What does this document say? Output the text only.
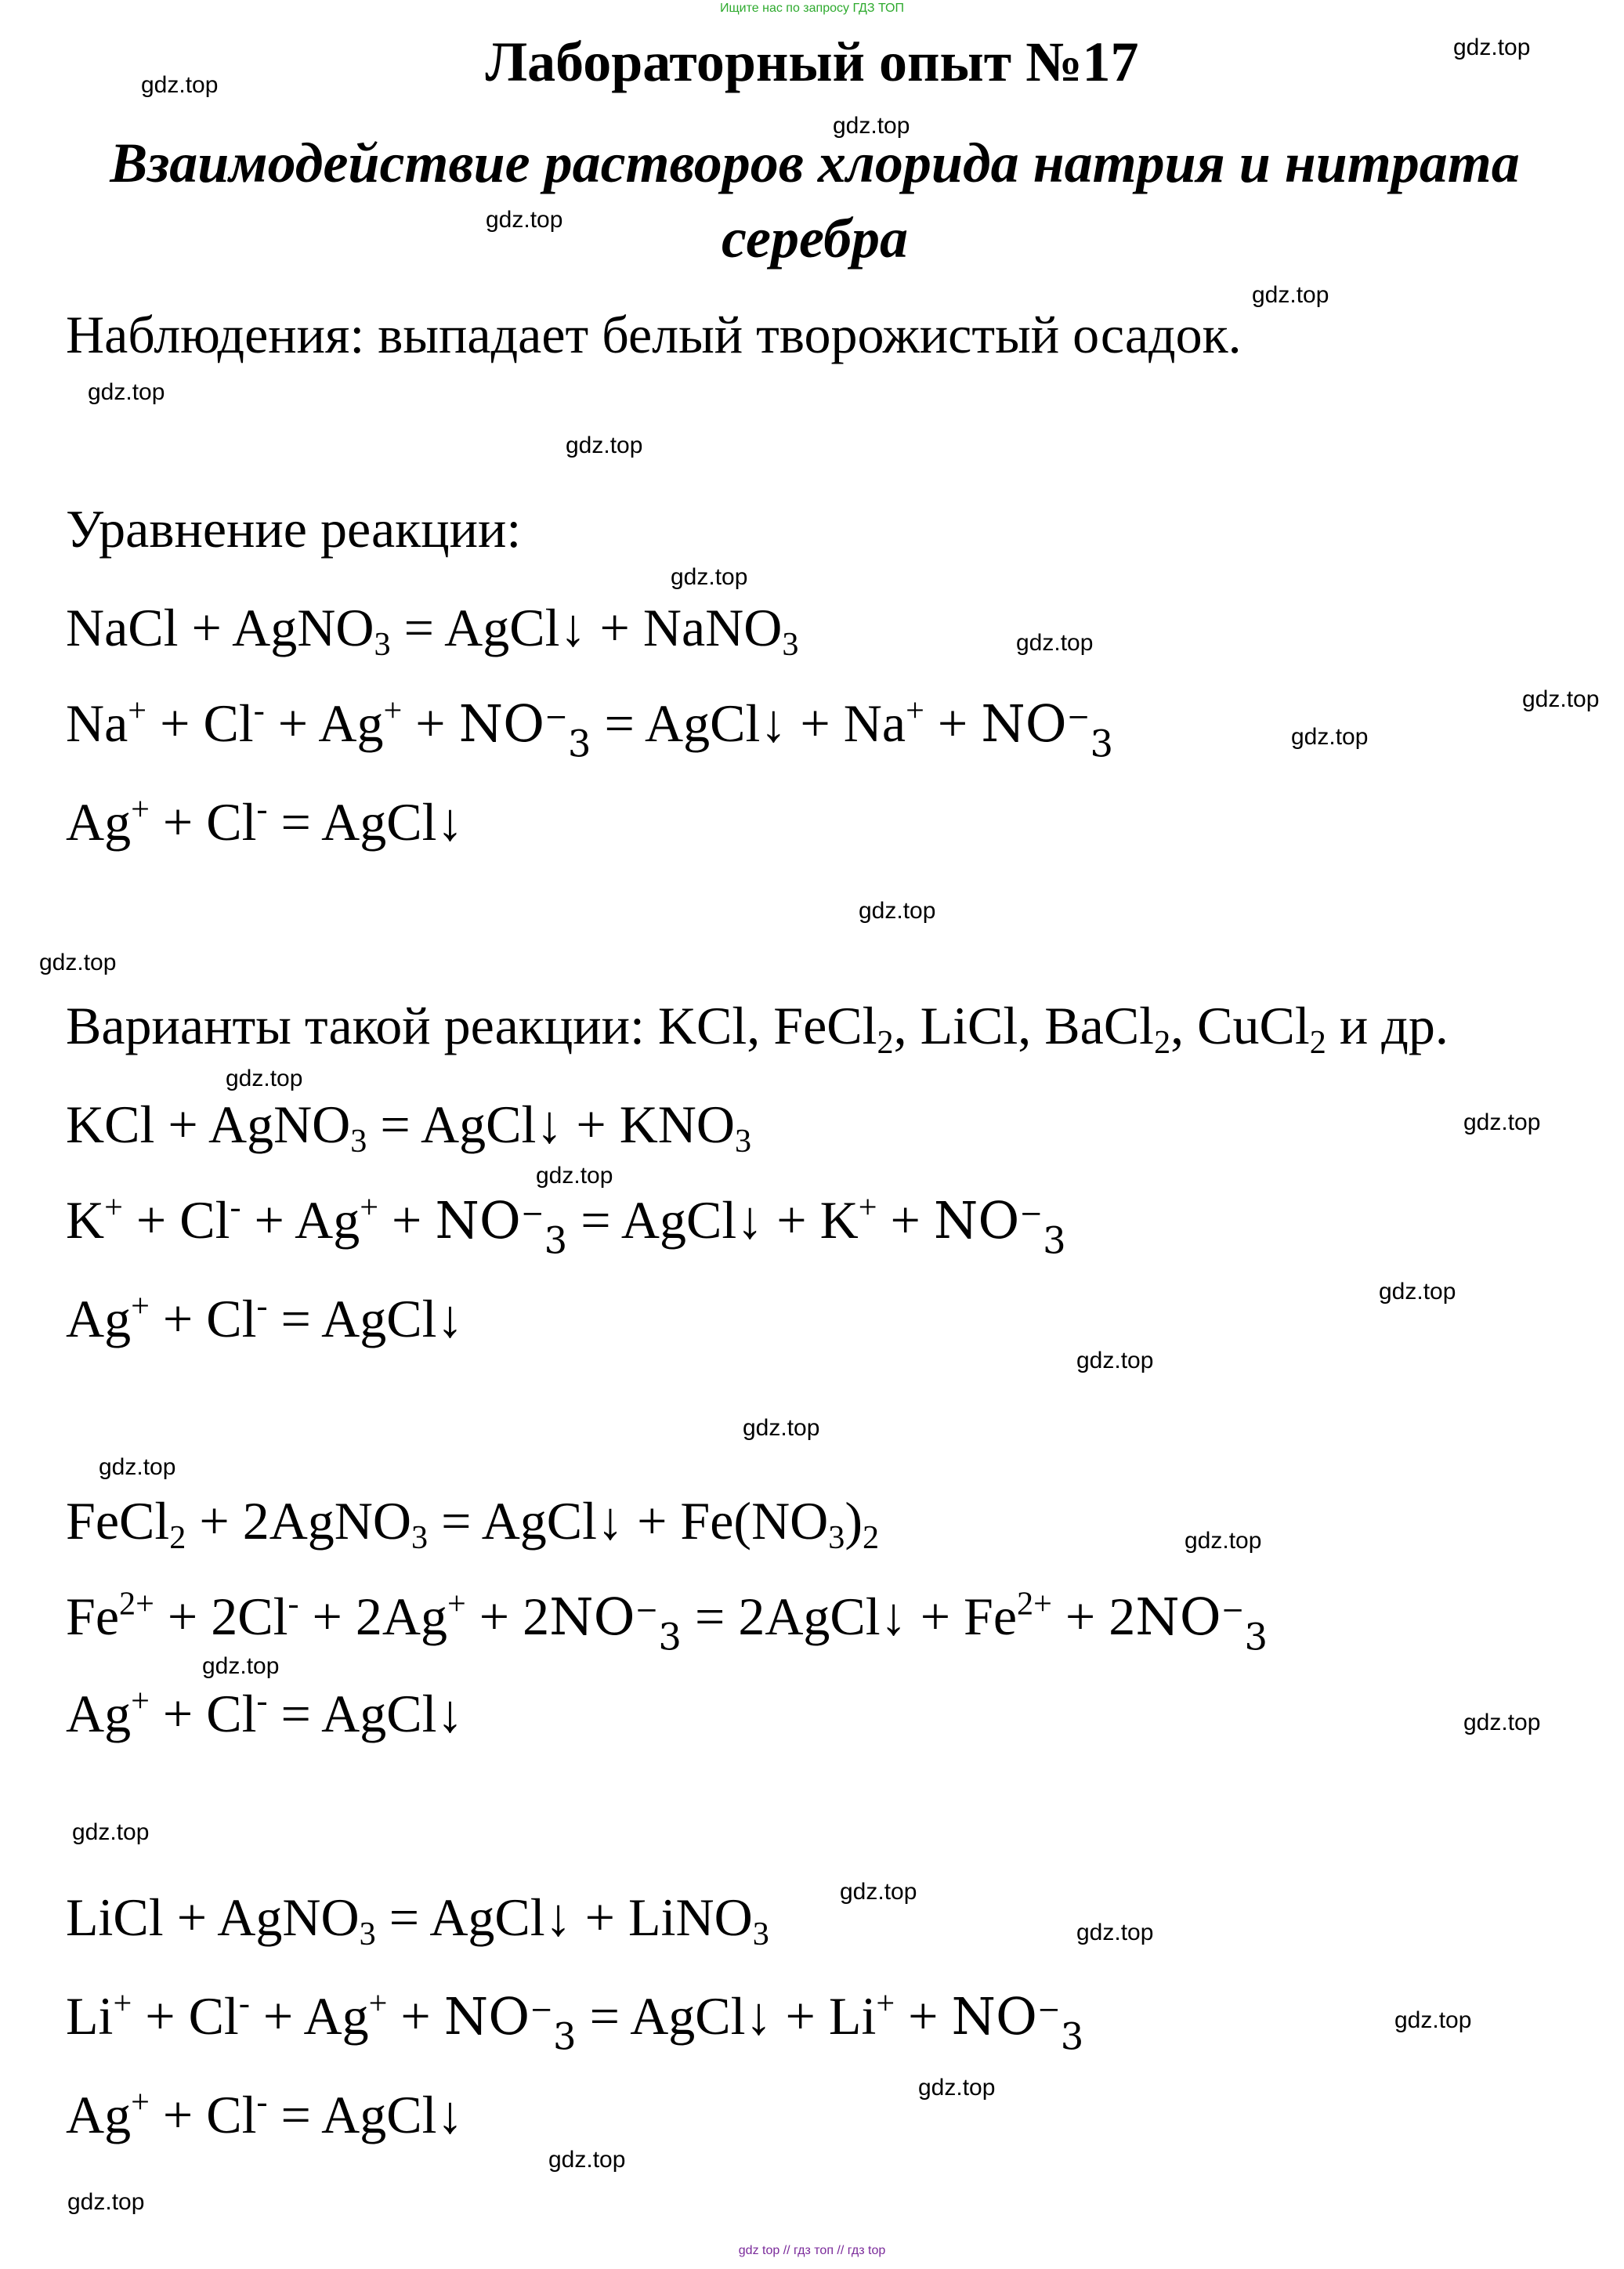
Ищите нас по запросу ГДЗ ТОП
Лабораторный опыт №17
Взаимодействие растворов хлорида натрия и нитрата серебра
Наблюдения: выпадает белый творожистый осадок.
Уравнение реакции:
NaCl + AgNO$_3$ = AgCl↓ + NaNO$_3$
$Na^+ + Cl^- + Ag^+ + NO^-_3$ = AgCl↓ + $Na^+ + NO^-_3$
Ag+ + Cl- = AgCl↓
Варианты такой реакции: KCl, FeCl$_2$, LiCl, BaCl$_2$, CuCl$_2$ и др.
KCl + AgNO$_3$ = AgCl↓ + $KNO_3$
$K^+ + Cl^- + Ag^+ + NO^-_3$ = AgCl↓ + $K^+ + NO^-_3$
Ag+ + Cl- = AgCl↓
FeCl$_2$ + 2AgNO$_3$ = AgCl↓ + $Fe(NO_3)_2$
$Fe^{2+} + 2Cl^- + 2Ag^+ + 2NO^-_3$ = 2AgCl↓ + $Fe^{2+} + 2NO^-_3$
Ag+ + Cl- = AgCl↓
LiCl + AgNO$_3$ = AgCl↓ + LiNO$_3$
$Li^+ + Cl^- + Ag^+ + NO^-_3$ = AgCl↓ + $Li^+ + NO^-_3$
Ag+ + Cl- = AgCl↓
gdz.top
gdz.top
gdz.top
gdz.top
gdz.top
gdz.top
gdz.top
gdz.top
gdz.top
gdz.top
gdz.top
gdz.top
gdz.top
gdz.top
gdz.top
gdz.top
gdz.top
gdz.top
gdz.top
gdz.top
gdz.top
gdz.top
gdz.top
gdz.top
gdz.top
gdz.top
gdz.top
gdz.top
gdz.top
gdz.top
gdz top // гдз топ // гдз top
